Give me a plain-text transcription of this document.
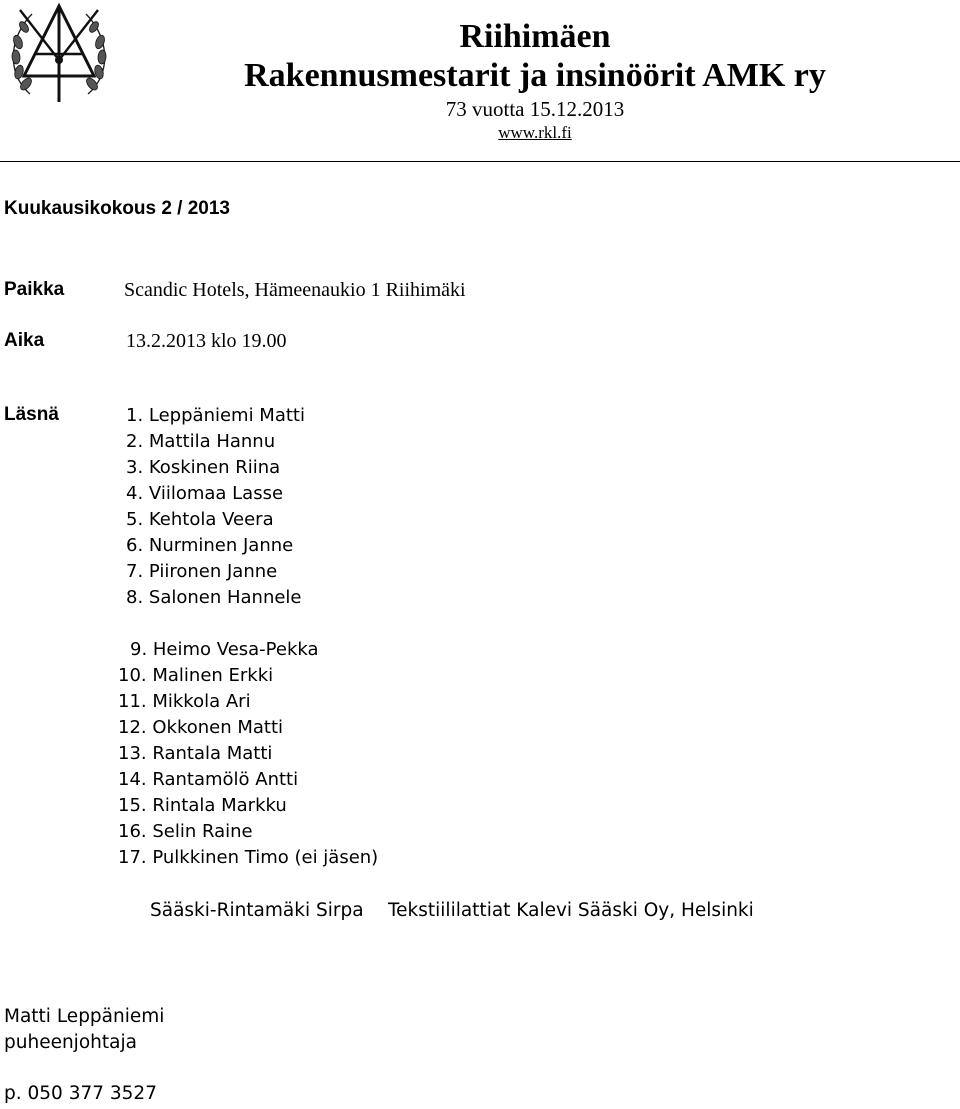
Riihimäen
Rakennusmestarit ja insinöörit AMK ry
73 vuotta 15.12.2013
www.rkl.fi
Kuukausikokous 2 / 2013
Paikka	Scandic Hotels, Hämeenaukio 1 Riihimäki
Aika	13.2.2013 klo 19.00
Läsnä	1. Leppäniemi Matti
2. Mattila Hannu
3. Koskinen Riina
4. Viilomaa Lasse
5. Kehtola Veera
6. Nurminen Janne
7. Piironen Janne
8. Salonen Hannele
9. Heimo Vesa-Pekka
10. Malinen Erkki
11. Mikkola Ari
12. Okkonen Matti
13. Rantala Matti
14. Rantamölö Antti
15. Rintala Markku
16. Selin Raine
17. Pulkkinen Timo (ei jäsen)
Sääski-Rintamäki Sirpa Tekstiililattiat Kalevi Sääski Oy, Helsinki
Matti Leppäniemi
puheenjohtaja
p. 050 377 3527
